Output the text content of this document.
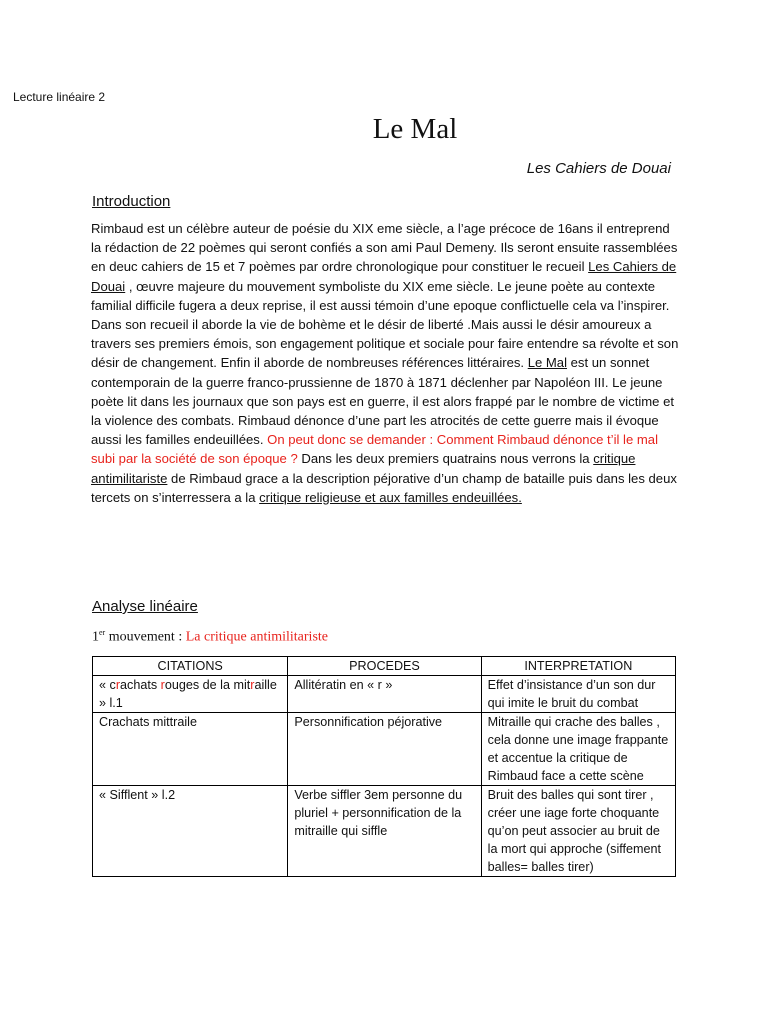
Lecture linéaire 2
Le Mal
Les Cahiers de Douai
Introduction

Rimbaud est un célèbre auteur de poésie du XIX eme siècle, a l’age précoce de 16ans il entreprend la rédaction de 22 poèmes qui seront confiés a son ami Paul Demeny. Ils seront ensuite rassemblées en deuc cahiers de 15 et 7 poèmes par ordre chronologique pour constituer le recueil Les Cahiers de Douai , œuvre majeure du mouvement symboliste du XIX eme siècle. Le jeune poète au contexte familial difficile fugera a deux reprise, il est aussi témoin d’une epoque conflictuelle cela va l’inspirer. Dans son recueil il aborde la vie de bohème et le désir de liberté .Mais aussi le désir amoureux a travers ses premiers émois, son engagement politique et sociale pour faire entendre sa révolte et son désir de changement. Enfin il aborde de nombreuses références littéraires. Le Mal est un sonnet contemporain de la guerre franco-prussienne de 1870 à 1871 déclenher par Napoléon III. Le jeune poète lit dans les journaux que son pays est en guerre, il est alors frappé par le nombre de victime et la violence des combats. Rimbaud dénonce d’une part les atrocités de cette guerre mais il évoque aussi les familles endeuillées. On peut donc se demander : Comment Rimbaud dénonce t’il le mal subi par la société de son époque ? Dans les deux premiers quatrains nous verrons la critique antimilitariste de Rimbaud grace a la description péjorative d’un champ de bataille puis dans les deux tercets on s’interressera a la critique religieuse et aux familles endeuillées.

Analyse linéaire
1er mouvement : La critique antimilitariste
CITATIONS	PROCEDES	INTERPRETATION
« crachats rouges de la mitraille » l.1	Allitératin en « r »	Effet d’insistance d’un son dur qui imite le bruit du combat
Crachats mittraile	Personnification péjorative	Mitraille qui crache des balles , cela donne une image frappante et accentue la critique de Rimbaud face a cette scène
« Sifflent » l.2	Verbe siffler 3em personne du pluriel + personnification de la mitraille qui siffle	Bruit des balles qui sont tirer , créer une iage forte choquante qu’on peut associer au bruit de la mort qui approche (siffement balles= balles tirer)
